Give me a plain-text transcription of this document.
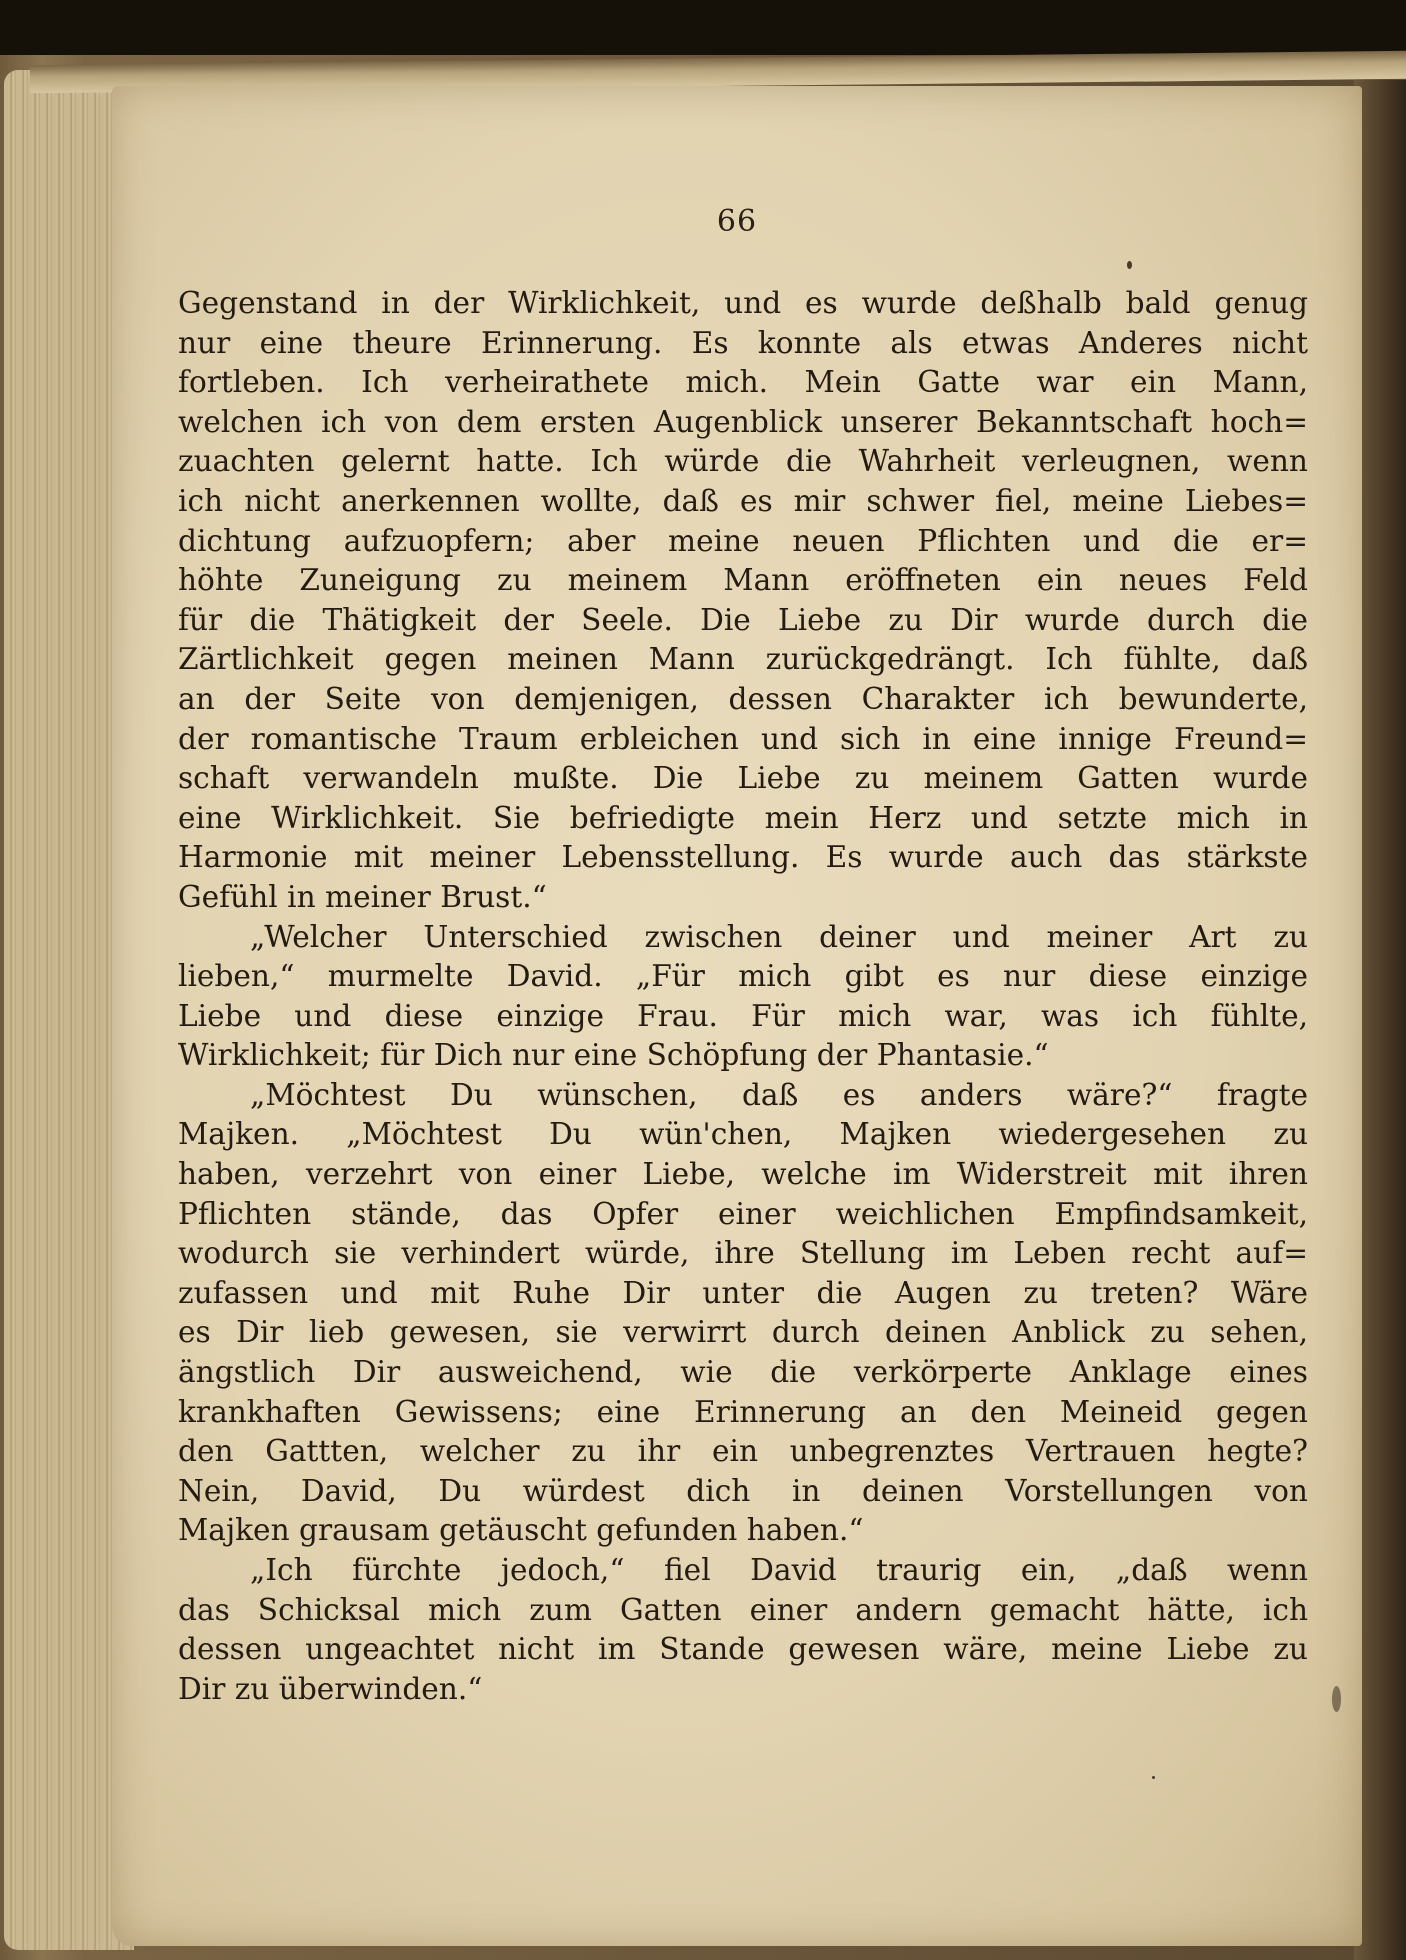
66
Gegenstand in der Wirklichkeit, und es wurde deßhalb bald genug
nur eine theure Erinnerung. Es konnte als etwas Anderes nicht
fortleben. Ich verheirathete mich. Mein Gatte war ein Mann,
welchen ich von dem ersten Augenblick unserer Bekanntschaft hoch=
zuachten gelernt hatte. Ich würde die Wahrheit verleugnen, wenn
ich nicht anerkennen wollte, daß es mir schwer fiel, meine Liebes=
dichtung aufzuopfern; aber meine neuen Pflichten und die er=
höhte Zuneigung zu meinem Mann eröffneten ein neues Feld
für die Thätigkeit der Seele. Die Liebe zu Dir wurde durch die
Zärtlichkeit gegen meinen Mann zurückgedrängt. Ich fühlte, daß
an der Seite von demjenigen, dessen Charakter ich bewunderte,
der romantische Traum erbleichen und sich in eine innige Freund=
schaft verwandeln mußte. Die Liebe zu meinem Gatten wurde
eine Wirklichkeit. Sie befriedigte mein Herz und setzte mich in
Harmonie mit meiner Lebensstellung. Es wurde auch das stärkste
Gefühl in meiner Brust.“
„Welcher Unterschied zwischen deiner und meiner Art zu
lieben,“ murmelte David. „Für mich gibt es nur diese einzige
Liebe und diese einzige Frau. Für mich war, was ich fühlte,
Wirklichkeit; für Dich nur eine Schöpfung der Phantasie.“
„Möchtest Du wünschen, daß es anders wäre?“ fragte
Majken. „Möchtest Du wün'chen, Majken wiedergesehen zu
haben, verzehrt von einer Liebe, welche im Widerstreit mit ihren
Pflichten stände, das Opfer einer weichlichen Empfindsamkeit,
wodurch sie verhindert würde, ihre Stellung im Leben recht auf=
zufassen und mit Ruhe Dir unter die Augen zu treten? Wäre
es Dir lieb gewesen, sie verwirrt durch deinen Anblick zu sehen,
ängstlich Dir ausweichend, wie die verkörperte Anklage eines
krankhaften Gewissens; eine Erinnerung an den Meineid gegen
den Gattten, welcher zu ihr ein unbegrenztes Vertrauen hegte?
Nein, David, Du würdest dich in deinen Vorstellungen von
Majken grausam getäuscht gefunden haben.“
„Ich fürchte jedoch,“ fiel David traurig ein, „daß wenn
das Schicksal mich zum Gatten einer andern gemacht hätte, ich
dessen ungeachtet nicht im Stande gewesen wäre, meine Liebe zu
Dir zu überwinden.“
